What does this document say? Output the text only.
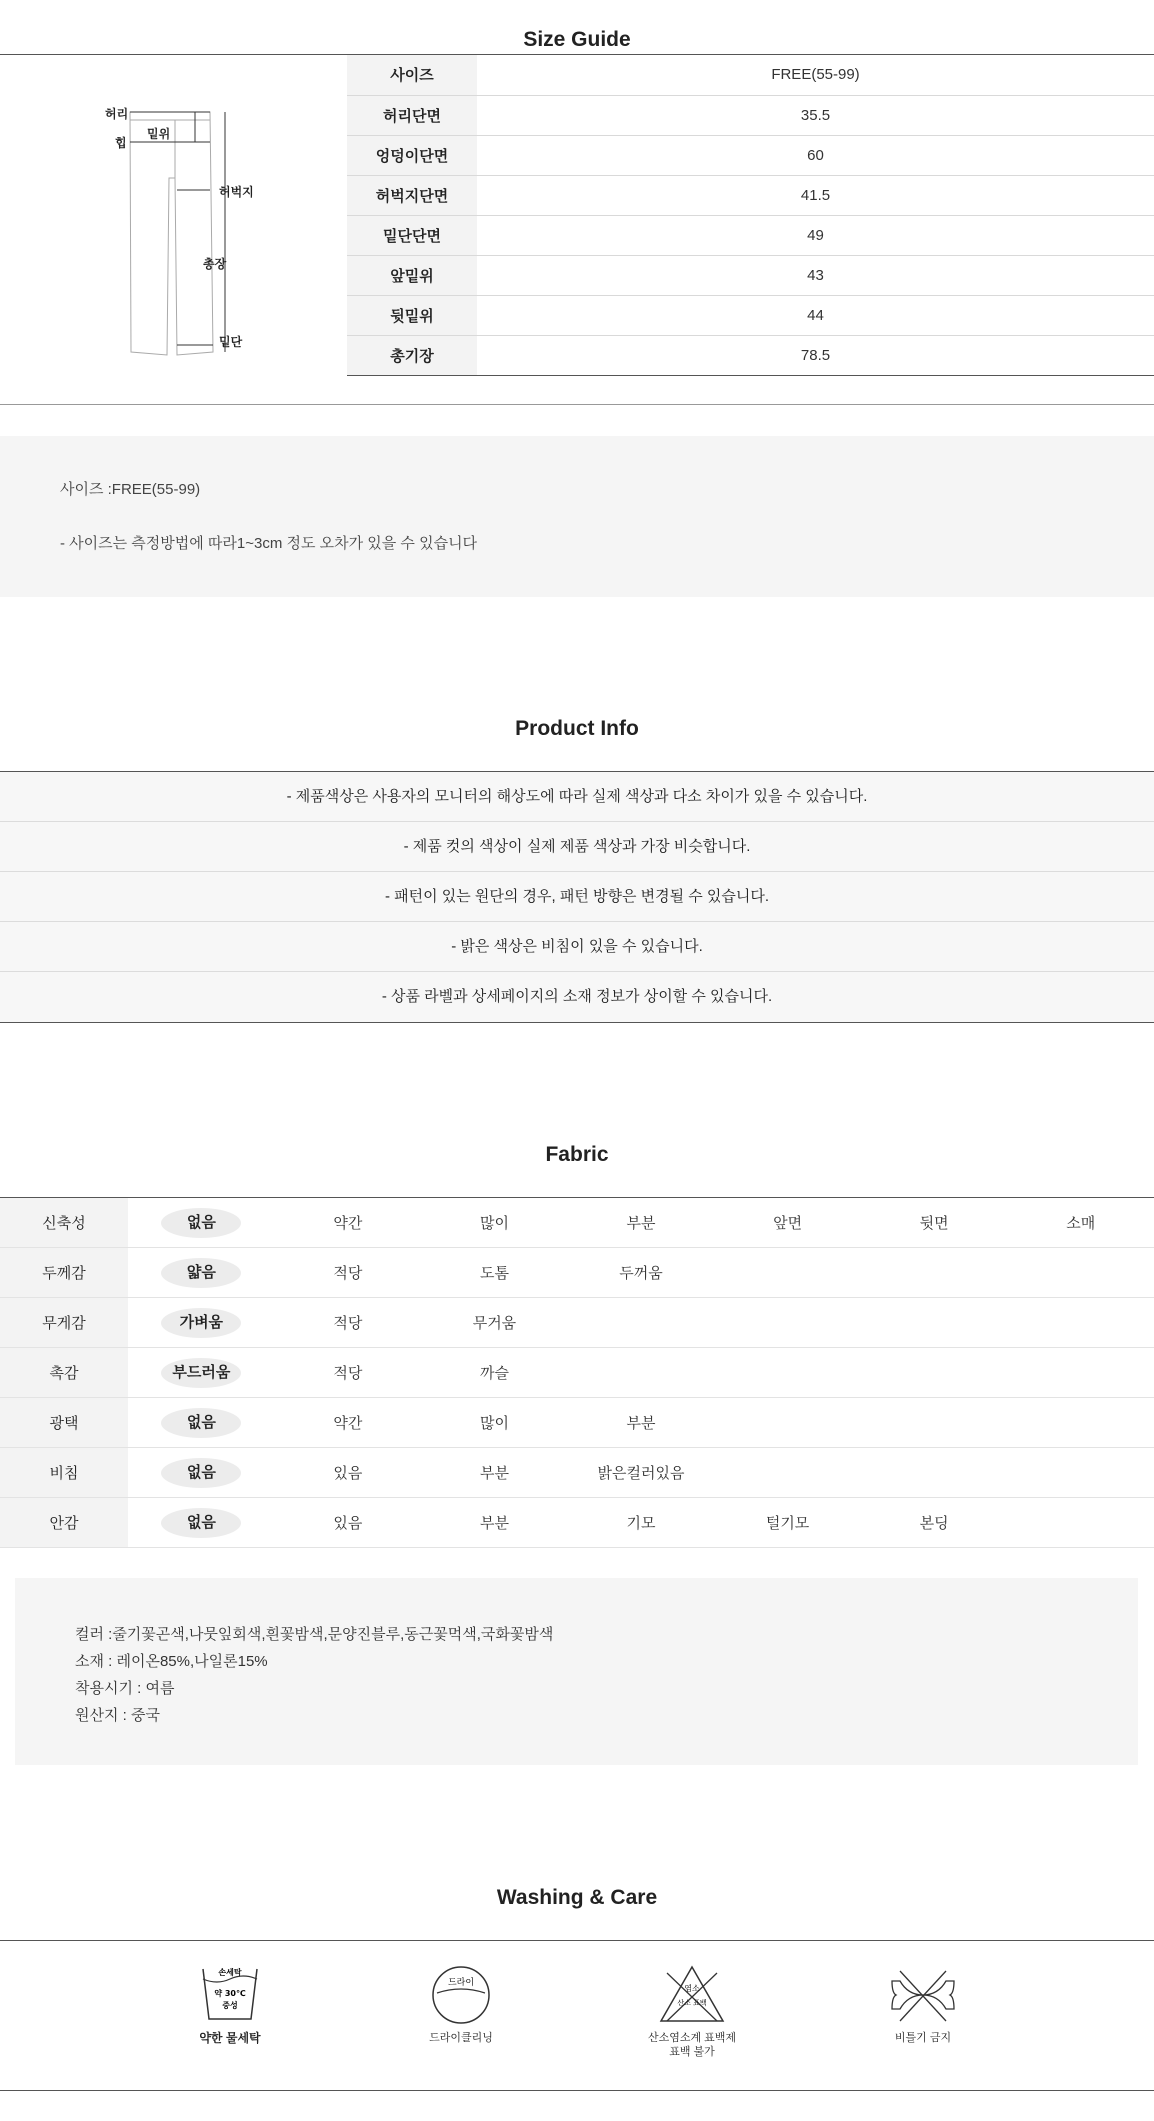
Size Guide
허리
힙
밑위
허벅지
총장
밑단
사이즈	FREE(55-99)
허리단면	35.5
엉덩이단면	60
허벅지단면	41.5
밑단단면	49
앞밑위	43
뒷밑위	44
총기장	78.5
사이즈 :FREE(55-99)
- 사이즈는 측정방법에 따라1~3cm 정도 오차가 있을 수 있습니다
Product Info
- 제품색상은 사용자의 모니터의 해상도에 따라 실제 색상과 다소 차이가 있을 수 있습니다.
- 제품 컷의 색상이 실제 제품 색상과 가장 비슷합니다.
- 패턴이 있는 원단의 경우, 패턴 방향은 변경될 수 있습니다.
- 밝은 색상은 비침이 있을 수 있습니다.
- 상품 라벨과 상세페이지의 소재 정보가 상이할 수 있습니다.
Fabric
신축성	없음	약간	많이	부분	앞면	뒷면	소매
두께감	얇음	적당	도톰	두꺼움			
무게감	가벼움	적당	무거움				
촉감	부드러움	적당	까슬				
광택	없음	약간	많이	부분			
비침	없음	있음	부분	밝은컬러있음			
안감	없음	있음	부분	기모	털기모	본딩	
컬러 :줄기꽃곤색,나뭇잎회색,흰꽃밤색,문양진블루,동근꽃먹색,국화꽃밤색
소재 : 레이온85%,나일론15%
착용시기 : 여름
원산지 : 중국
Washing & Care
손세탁
약 30℃
중성
약한 물세탁
드라이
드라이클리닝
염소
산소 표백
산소염소계 표백제
표백 불가
비틀기 금지
